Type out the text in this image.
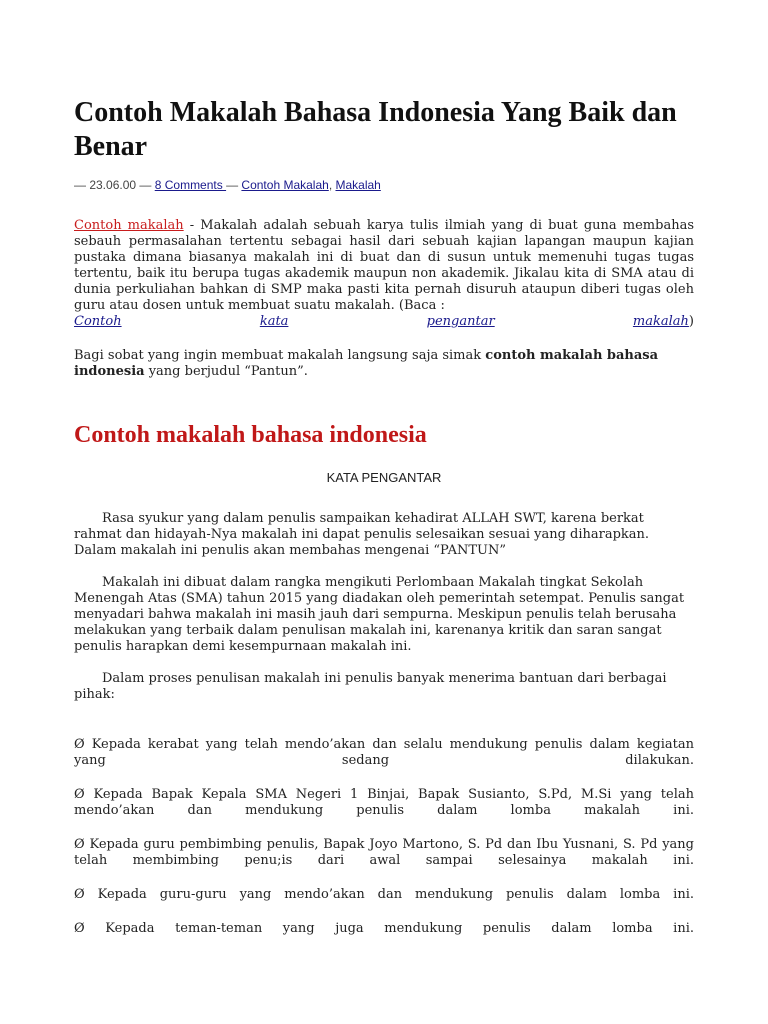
Contoh Makalah Bahasa Indonesia Yang Baik dan Benar
— 23.06.00 — 8 Comments — Contoh Makalah, Makalah
Contoh makalah - Makalah adalah sebuah karya tulis ilmiah yang di buat guna membahas sebauh permasalahan tertentu sebagai hasil dari sebuah kajian lapangan maupun kajian pustaka dimana biasanya makalah ini di buat dan di susun untuk memenuhi tugas tugas tertentu, baik itu berupa tugas akademik maupun non akademik. Jikalau kita di SMA atau di dunia perkuliahan bahkan di SMP maka pasti kita pernah disuruh ataupun diberi tugas oleh guru atau dosen untuk membuat suatu makalah. (Baca :
Contoh	kata	pengantar	makalah)
Bagi sobat yang ingin membuat makalah langsung saja simak contoh makalah bahasa indonesia yang berjudul “Pantun”.
Contoh makalah bahasa indonesia
KATA PENGANTAR
Rasa syukur yang dalam penulis sampaikan kehadirat ALLAH SWT, karena berkat rahmat dan hidayah-Nya makalah ini dapat penulis selesaikan sesuai yang diharapkan. Dalam makalah ini penulis akan membahas mengenai “PANTUN”
Makalah ini dibuat dalam rangka mengikuti Perlombaan Makalah tingkat Sekolah Menengah Atas (SMA) tahun 2015 yang diadakan oleh pemerintah setempat. Penulis sangat menyadari bahwa makalah ini masih jauh dari sempurna. Meskipun penulis telah berusaha melakukan yang terbaik dalam penulisan makalah ini, karenanya kritik dan saran sangat penulis harapkan demi kesempurnaan makalah ini.
Dalam proses penulisan makalah ini penulis banyak menerima bantuan dari berbagai pihak:
Ø Kepada kerabat yang telah mendo’akan dan selalu mendukung penulis dalam kegiatan yang sedang dilakukan.
Ø Kepada Bapak Kepala SMA Negeri 1 Binjai, Bapak Susianto, S.Pd, M.Si yang telah mendo’akan dan mendukung penulis dalam lomba makalah ini.
Ø Kepada guru pembimbing penulis, Bapak Joyo Martono, S. Pd dan Ibu Yusnani, S. Pd yang telah membimbing penu;is dari awal sampai selesainya makalah ini.
Ø Kepada guru-guru yang mendo’akan dan mendukung penulis dalam lomba ini.
Ø Kepada teman-teman yang juga mendukung penulis dalam lomba ini.
